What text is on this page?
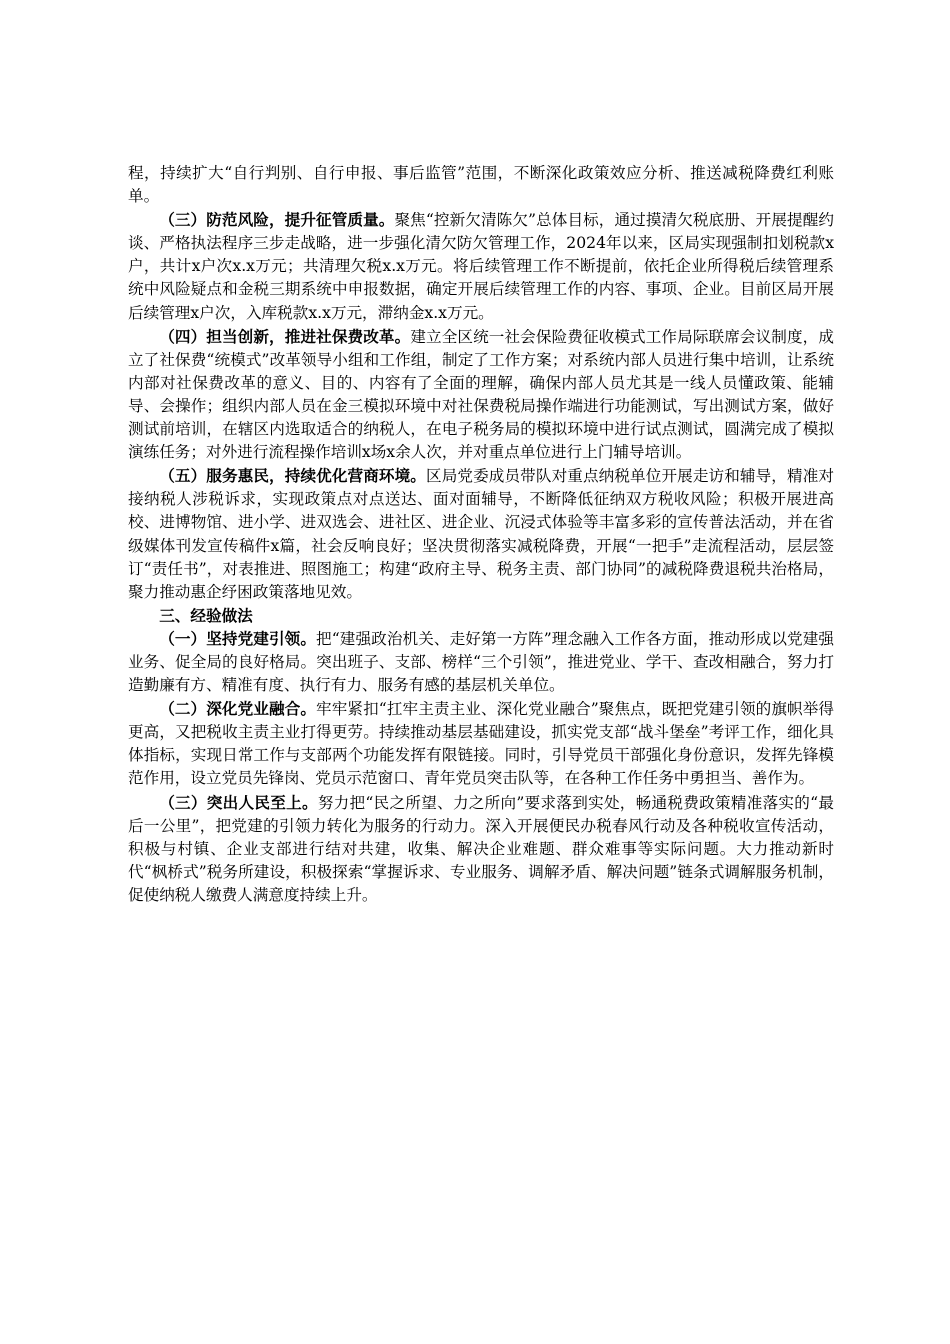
程，持续扩大“自行判别、自行申报、事后监管”范围，不断深化政策效应分析、推送减税降费红利账单。

（三）防范风险，提升征管质量。聚焦“控新欠清陈欠”总体目标，通过摸清欠税底册、开展提醒约谈、严格执法程序三步走战略，进一步强化清欠防欠管理工作，2024年以来，区局实现强制扣划税款x户，共计x户次x.x万元；共清理欠税x.x万元。将后续管理工作不断提前，依托企业所得税后续管理系统中风险疑点和金税三期系统中申报数据，确定开展后续管理工作的内容、事项、企业。目前区局开展后续管理x户次，入库税款x.x万元，滞纳金x.x万元。

（四）担当创新，推进社保费改革。建立全区统一社会保险费征收模式工作局际联席会议制度，成立了社保费“统模式”改革领导小组和工作组，制定了工作方案；对系统内部人员进行集中培训，让系统内部对社保费改革的意义、目的、内容有了全面的理解，确保内部人员尤其是一线人员懂政策、能辅导、会操作；组织内部人员在金三模拟环境中对社保费税局操作端进行功能测试，写出测试方案，做好测试前培训，在辖区内选取适合的纳税人，在电子税务局的模拟环境中进行试点测试，圆满完成了模拟演练任务；对外进行流程操作培训x场x余人次，并对重点单位进行上门辅导培训。

（五）服务惠民，持续优化营商环境。区局党委成员带队对重点纳税单位开展走访和辅导，精准对接纳税人涉税诉求，实现政策点对点送达、面对面辅导，不断降低征纳双方税收风险；积极开展进高校、进博物馆、进小学、进双选会、进社区、进企业、沉浸式体验等丰富多彩的宣传普法活动，并在省级媒体刊发宣传稿件x篇，社会反响良好；坚决贯彻落实减税降费，开展“一把手”走流程活动，层层签订“责任书”，对表推进、照图施工；构建“政府主导、税务主责、部门协同”的减税降费退税共治格局，聚力推动惠企纾困政策落地见效。

三、经验做法

（一）坚持党建引领。把“建强政治机关、走好第一方阵”理念融入工作各方面，推动形成以党建强业务、促全局的良好格局。突出班子、支部、榜样“三个引领”，推进党业、学干、查改相融合，努力打造勤廉有方、精准有度、执行有力、服务有感的基层机关单位。

（二）深化党业融合。牢牢紧扣“扛牢主责主业、深化党业融合”聚焦点，既把党建引领的旗帜举得更高，又把税收主责主业打得更劳。持续推动基层基础建设，抓实党支部“战斗堡垒”考评工作，细化具体指标，实现日常工作与支部两个功能发挥有限链接。同时，引导党员干部强化身份意识，发挥先锋模范作用，设立党员先锋岗、党员示范窗口、青年党员突击队等，在各种工作任务中勇担当、善作为。

（三）突出人民至上。努力把“民之所望、力之所向”要求落到实处，畅通税费政策精准落实的“最后一公里”，把党建的引领力转化为服务的行动力。深入开展便民办税春风行动及各种税收宣传活动，积极与村镇、企业支部进行结对共建，收集、解决企业难题、群众难事等实际问题。大力推动新时代“枫桥式”税务所建设，积极探索“掌握诉求、专业服务、调解矛盾、解决问题”链条式调解服务机制，促使纳税人缴费人满意度持续上升。
